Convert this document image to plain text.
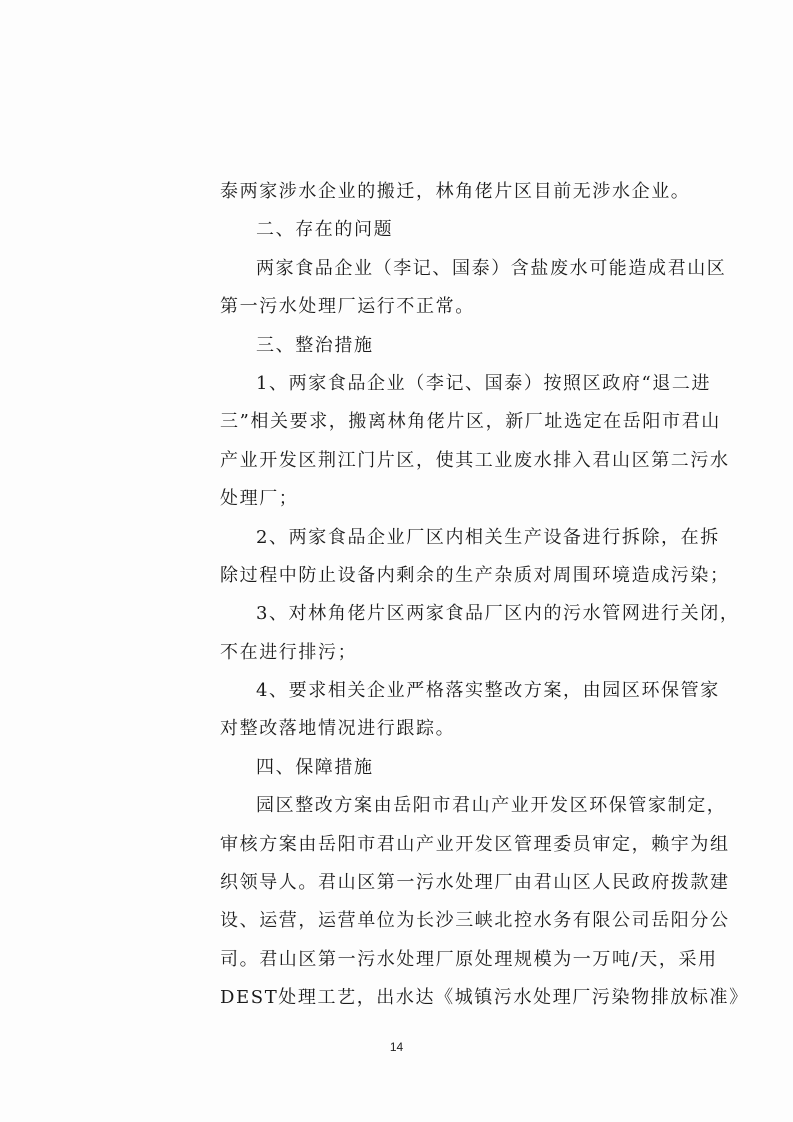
泰两家涉水企业的搬迁，林角佬片区目前无涉水企业。
二、存在的问题
两家食品企业（李记、国泰）含盐废水可能造成君山区
第一污水处理厂运行不正常。
三、整治措施
1、两家食品企业（李记、国泰）按照区政府“退二进
三”相关要求，搬离林角佬片区，新厂址选定在岳阳市君山
产业开发区荆江门片区，使其工业废水排入君山区第二污水
处理厂；
2、两家食品企业厂区内相关生产设备进行拆除，在拆
除过程中防止设备内剩余的生产杂质对周围环境造成污染；
3、对林角佬片区两家食品厂区内的污水管网进行关闭，
不在进行排污；
4、要求相关企业严格落实整改方案，由园区环保管家
对整改落地情况进行跟踪。
四、保障措施
园区整改方案由岳阳市君山产业开发区环保管家制定，
审核方案由岳阳市君山产业开发区管理委员审定，赖宇为组
织领导人。君山区第一污水处理厂由君山区人民政府拨款建
设、运营，运营单位为长沙三峡北控水务有限公司岳阳分公
司。君山区第一污水处理厂原处理规模为一万吨/天，采用
DEST处理工艺，出水达《城镇污水处理厂污染物排放标准》
14
